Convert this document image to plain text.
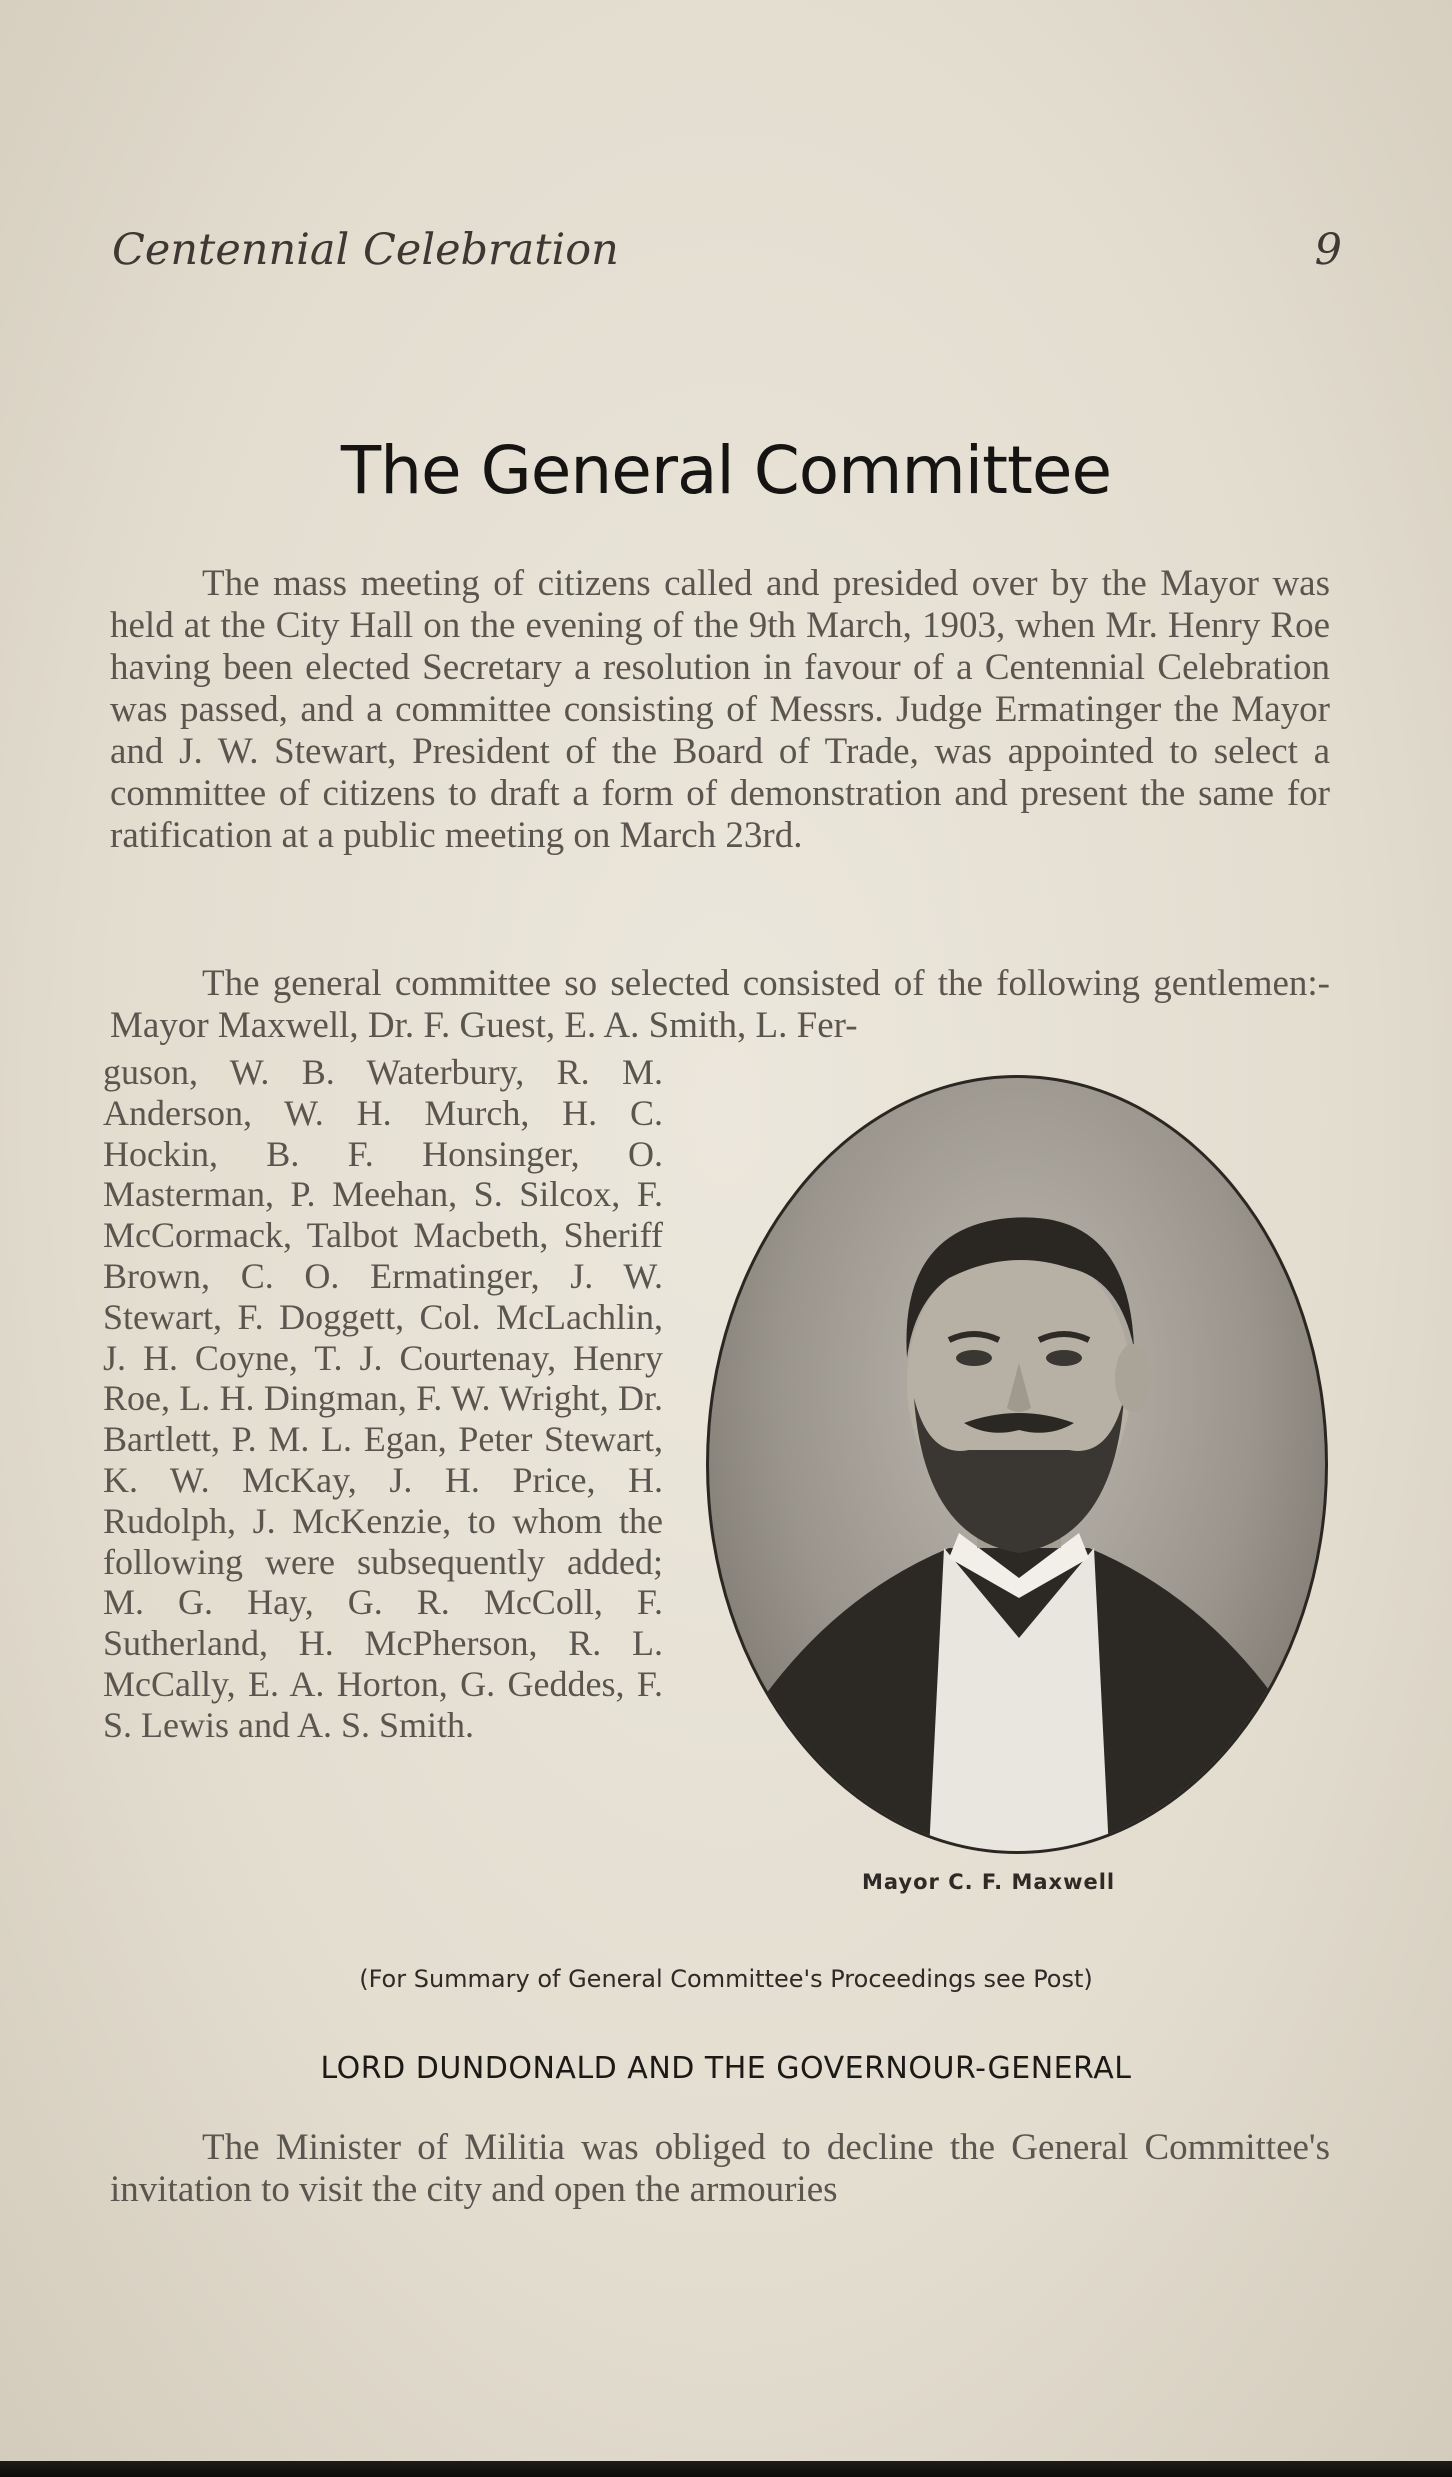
Centennial Celebration	9
The General Committee

The mass meeting of citizens called and presided over by the Mayor was held at the City Hall on the evening of the 9th March, 1903, when Mr. Henry Roe having been elected Secretary a resolution in favour of a Centennial Celebration was passed, and a committee consisting of Messrs. Judge Ermatinger the Mayor and J. W. Stewart, President of the Board of Trade, was appointed to select a committee of citizens to draft a form of demonstration and present the same for ratification at a public meeting on March 23rd.

The general committee so selected consisted of the following gentlemen:-Mayor Maxwell, Dr. F. Guest, E. A. Smith, L. Fer-

guson, W. B. Waterbury, R. M. Anderson, W. H. Murch, H. C. Hockin, B. F. Honsinger, O. Masterman, P. Meehan, S. Silcox, F. McCormack, Talbot Macbeth, Sheriff Brown, C. O. Ermatinger, J. W. Stewart, F. Doggett, Col. McLachlin, J. H. Coyne, T. J. Courtenay, Henry Roe, L. H. Dingman, F. W. Wright, Dr. Bartlett, P. M. L. Egan, Peter Stewart, K. W. McKay, J. H. Price, H. Rudolph, J. McKenzie, to whom the following were subsequently added; M. G. Hay, G. R. McColl, F. Sutherland, H. McPherson, R. L. McCally, E. A. Horton, G. Geddes, F. S. Lewis and A. S. Smith.

Mayor C. F. Maxwell
(For Summary of General Committee's Proceedings see Post)
LORD DUNDONALD AND THE GOVERNOUR-GENERAL

The Minister of Militia was obliged to decline the General Committee's invitation to visit the city and open the armouries
